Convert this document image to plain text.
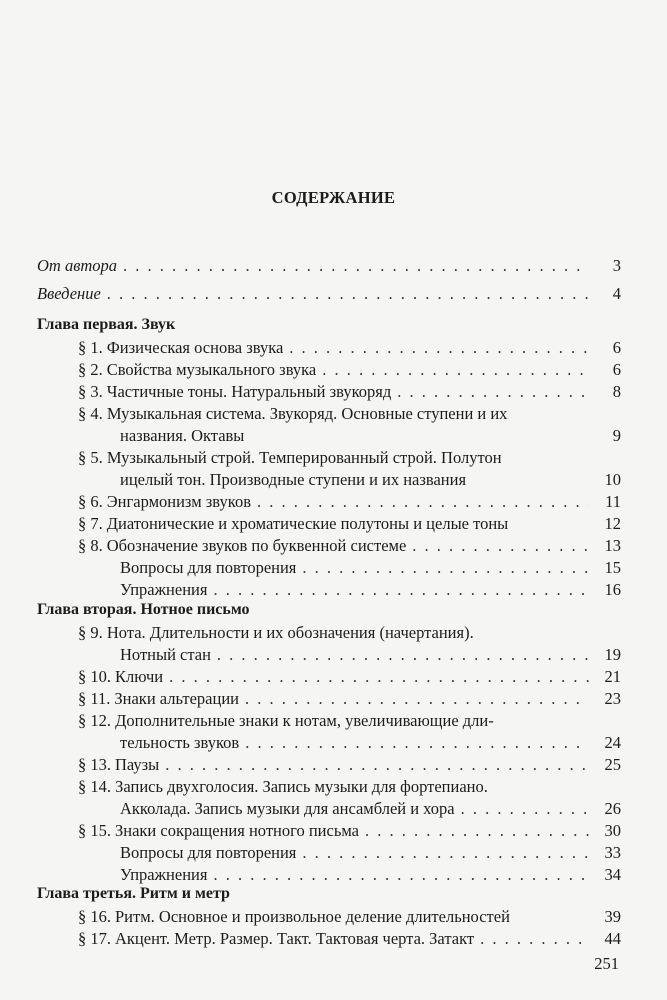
СОДЕРЖАНИЕ
От автора . . .	3
Введение . . .	4
Глава первая. Звук
§ 1. Физическая основа звука . . .	6
§ 2. Свойства музыкального звука . . .	6
§ 3. Частичные тоны. Натуральный звукоряд . . .	8
§ 4. Музыкальная система. Звукоряд. Основные ступени и их
названия. Октавы	9
§ 5. Музыкальный строй. Темперированный строй. Полутон
ицелый тон. Производные ступени и их названия	10
§ 6. Энгармонизм звуков . . .	11
§ 7. Диатонические и хроматические полутоны и целые тоны	12
§ 8. Обозначение звуков по буквенной системе . . .	13
Вопросы для повторения . . .	15
Упражнения . . .	16
Глава вторая. Нотное письмо
§ 9. Нота. Длительности и их обозначения (начертания).
Нотный стан . . .	19
§ 10. Ключи . . .	21
§ 11. Знаки альтерации . . .	23
§ 12. Дополнительные знаки к нотам, увеличивающие дли-
тельность звуков . . .	24
§ 13. Паузы . . .	25
§ 14. Запись двухголосия. Запись музыки для фортепиано.
Акколада. Запись музыки для ансамблей и хора . . .	26
§ 15. Знаки сокращения нотного письма . . .	30
Вопросы для повторения . . .	33
Упражнения . . .	34
Глава третья. Ритм и метр
§ 16. Ритм. Основное и произвольное деление длительностей	39
§ 17. Акцент. Метр. Размер. Такт. Тактовая черта. Затакт . . .	44
251
